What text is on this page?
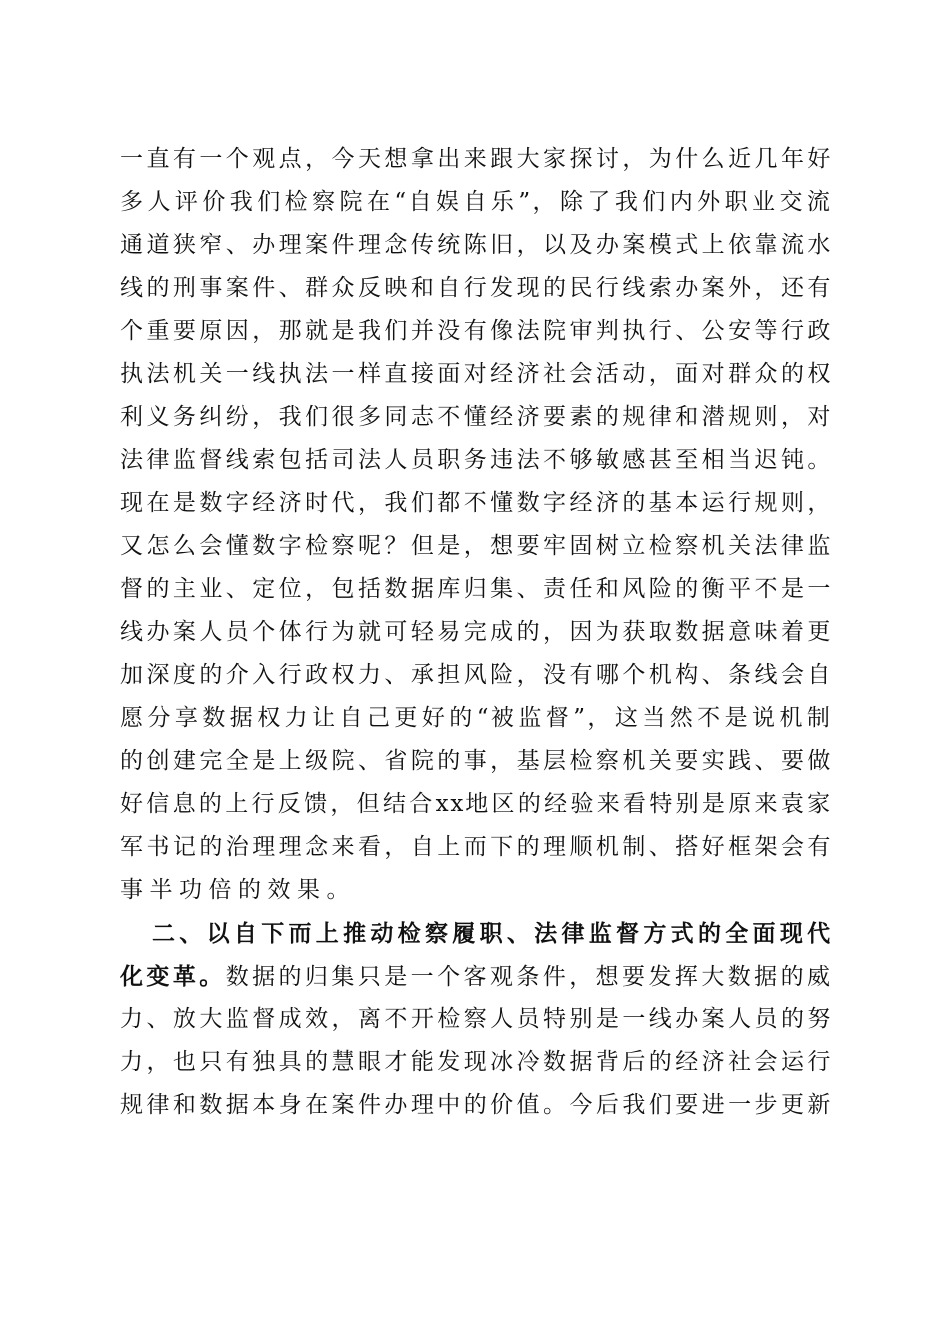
一 直 有 一 个 观 点 ， 今 天 想 拿 出 来 跟 大 家 探 讨 ， 为 什 么 近 几 年 好
多 人 评 价 我 们 检 察 院 在 “ 自 娱 自 乐 ” ， 除 了 我 们 内 外 职 业 交 流
通 道 狭 窄 、 办 理 案 件 理 念 传 统 陈 旧 ， 以 及 办 案 模 式 上 依 靠 流 水
线 的 刑 事 案 件 、 群 众 反 映 和 自 行 发 现 的 民 行 线 索 办 案 外 ， 还 有
个 重 要 原 因 ， 那 就 是 我 们 并 没 有 像 法 院 审 判 执 行 、 公 安 等 行 政
执 法 机 关 一 线 执 法 一 样 直 接 面 对 经 济 社 会 活 动 ， 面 对 群 众 的 权
利 义 务 纠 纷 ， 我 们 很 多 同 志 不 懂 经 济 要 素 的 规 律 和 潜 规 则 ， 对
法 律 监 督 线 索 包 括 司 法 人 员 职 务 违 法 不 够 敏 感 甚 至 相 当 迟 钝 。
现 在 是 数 字 经 济 时 代 ， 我 们 都 不 懂 数 字 经 济 的 基 本 运 行 规 则 ，
又 怎 么 会 懂 数 字 检 察 呢 ？ 但 是 ， 想 要 牢 固 树 立 检 察 机 关 法 律 监
督 的 主 业 、 定 位 ， 包 括 数 据 库 归 集 、 责 任 和 风 险 的 衡 平 不 是 一
线 办 案 人 员 个 体 行 为 就 可 轻 易 完 成 的 ， 因 为 获 取 数 据 意 味 着 更
加 深 度 的 介 入 行 政 权 力 、 承 担 风 险 ， 没 有 哪 个 机 构 、 条 线 会 自
愿 分 享 数 据 权 力 让 自 己 更 好 的 “ 被 监 督 ” ， 这 当 然 不 是 说 机 制
的 创 建 完 全 是 上 级 院 、 省 院 的 事 ， 基 层 检 察 机 关 要 实 践 、 要 做
好 信 息 的 上 行 反 馈 ， 但 结 合 x x 地 区 的 经 验 来 看 特 别 是 原 来 袁 家
军 书 记 的 治 理 理 念 来 看 ， 自 上 而 下 的 理 顺 机 制 、 搭 好 框 架 会 有
事半功倍的效果。
二 、 以 自 下 而 上 推 动 检 察 履 职 、 法 律 监 督 方 式 的 全 面 现 代
化变革。数据的归集只是一个客观条件，想要发挥大数据的威
力 、 放 大 监 督 成 效 ， 离 不 开 检 察 人 员 特 别 是 一 线 办 案 人 员 的 努
力 ， 也 只 有 独 具 的 慧 眼 才 能 发 现 冰 冷 数 据 背 后 的 经 济 社 会 运 行
规 律 和 数 据 本 身 在 案 件 办 理 中 的 价 值 。 今 后 我 们 要 进 一 步 更 新
